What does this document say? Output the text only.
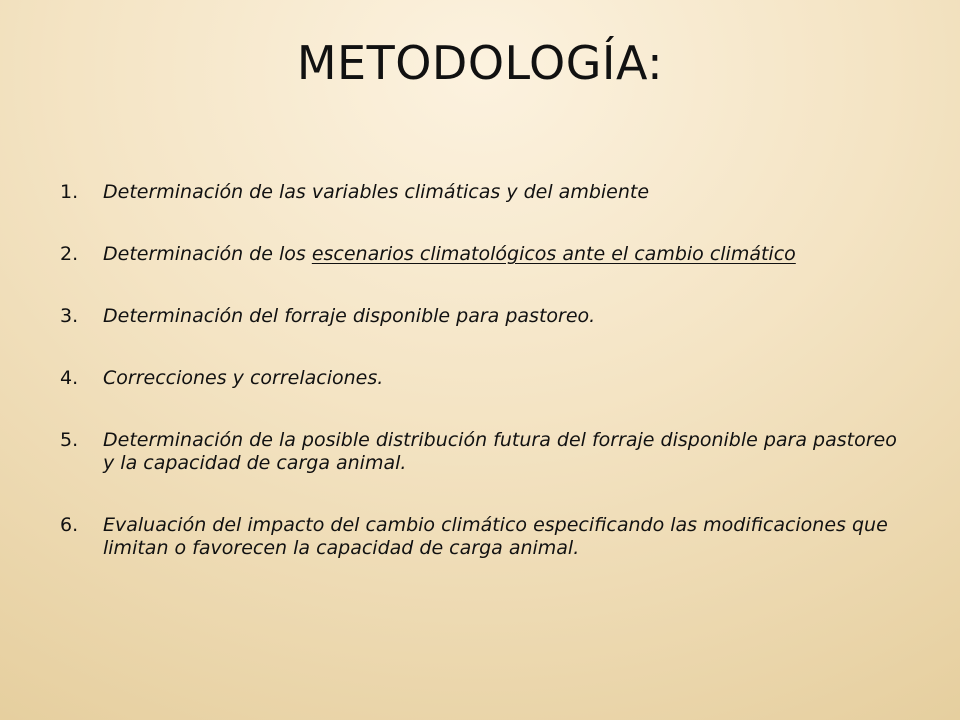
METODOLOGÍA:
1.	Determinación de las variables climáticas y del ambiente
2.	Determinación de los escenarios climatológicos ante el cambio climático
3.	Determinación del forraje disponible para pastoreo.
4.	Correcciones y correlaciones.
5.	Determinación de la posible distribución futura del forraje disponible para pastoreo y la capacidad de carga animal.
6.	Evaluación del impacto del cambio climático especificando las modificaciones que limitan o favorecen la capacidad de carga animal.
